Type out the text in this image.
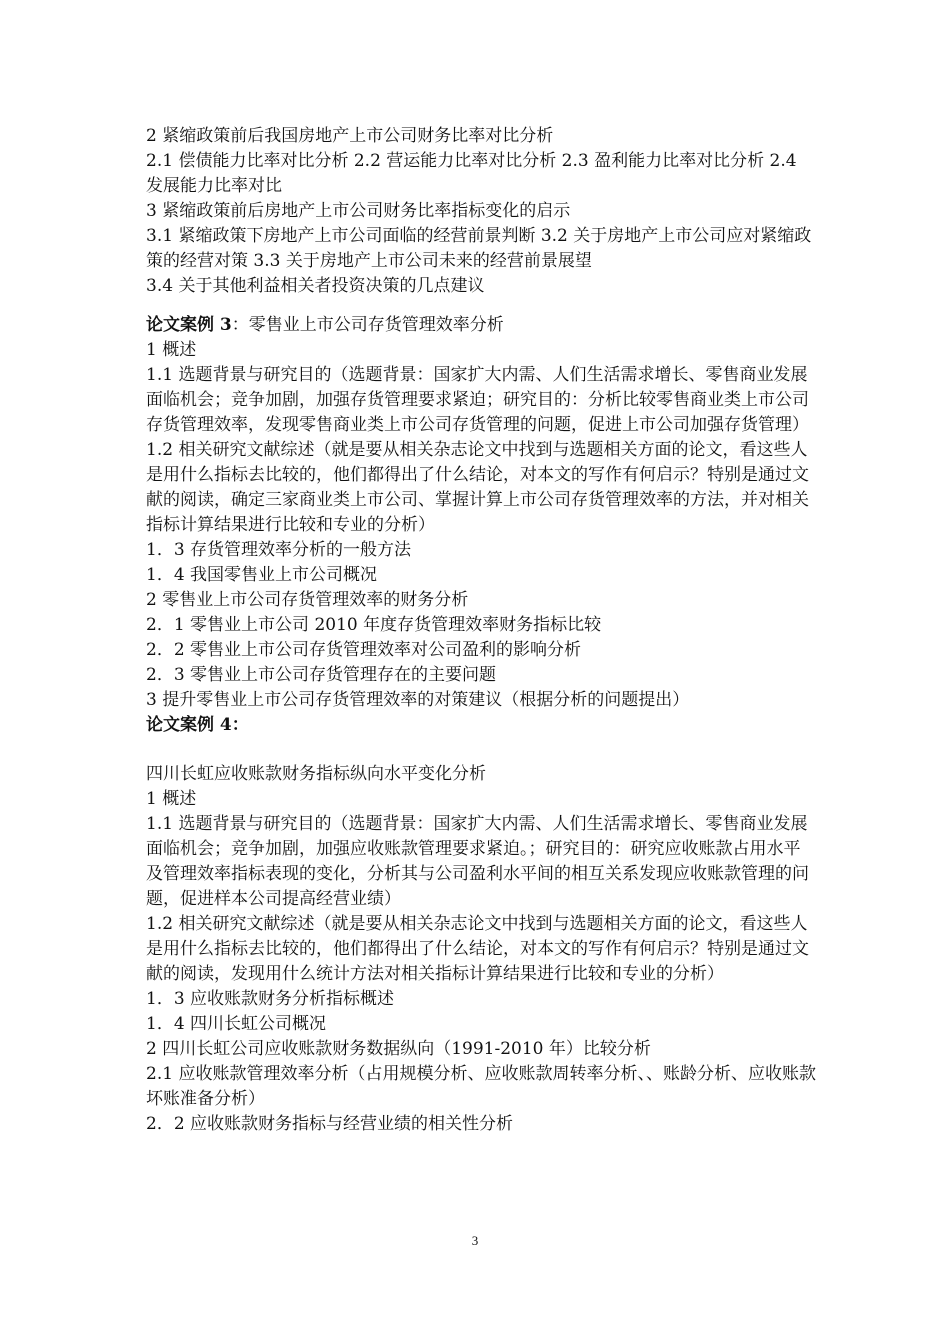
2 紧缩政策前后我国房地产上市公司财务比率对比分析

2.1 偿债能力比率对比分析 2.2 营运能力比率对比分析 2.3 盈利能力比率对比分析 2.4 发展能力比率对比

3 紧缩政策前后房地产上市公司财务比率指标变化的启示

3.1 紧缩政策下房地产上市公司面临的经营前景判断 3.2 关于房地产上市公司应对紧缩政策的经营对策 3.3 关于房地产上市公司未来的经营前景展望

3.4 关于其他利益相关者投资决策的几点建议

论文案例 3：零售业上市公司存货管理效率分析

1 概述

1.1 选题背景与研究目的（选题背景：国家扩大内需、人们生活需求增长、零售商业发展面临机会；竞争加剧，加强存货管理要求紧迫；研究目的：分析比较零售商业类上市公司存货管理效率，发现零售商业类上市公司存货管理的问题，促进上市公司加强存货管理）

1.2 相关研究文献综述（就是要从相关杂志论文中找到与选题相关方面的论文，看这些人是用什么指标去比较的，他们都得出了什么结论，对本文的写作有何启示？特别是通过文献的阅读，确定三家商业类上市公司、掌握计算上市公司存货管理效率的方法，并对相关指标计算结果进行比较和专业的分析）

1．3 存货管理效率分析的一般方法

1．4 我国零售业上市公司概况

2 零售业上市公司存货管理效率的财务分析

2．1 零售业上市公司 2010 年度存货管理效率财务指标比较

2．2 零售业上市公司存货管理效率对公司盈利的影响分析

2．3 零售业上市公司存货管理存在的主要问题

3 提升零售业上市公司存货管理效率的对策建议（根据分析的问题提出）

论文案例 4：

四川长虹应收账款财务指标纵向水平变化分析

1 概述

1.1 选题背景与研究目的（选题背景：国家扩大内需、人们生活需求增长、零售商业发展面临机会；竞争加剧，加强应收账款管理要求紧迫。；研究目的：研究应收账款占用水平及管理效率指标表现的变化，分析其与公司盈利水平间的相互关系发现应收账款管理的问题，促进样本公司提高经营业绩）

1.2 相关研究文献综述（就是要从相关杂志论文中找到与选题相关方面的论文，看这些人是用什么指标去比较的，他们都得出了什么结论，对本文的写作有何启示？特别是通过文献的阅读，发现用什么统计方法对相关指标计算结果进行比较和专业的分析）

1．3 应收账款财务分析指标概述

1．4 四川长虹公司概况

2 四川长虹公司应收账款财务数据纵向（1991-2010 年）比较分析

2.1 应收账款管理效率分析（占用规模分析、应收账款周转率分析、、账龄分析、应收账款坏账准备分析）

2．2 应收账款财务指标与经营业绩的相关性分析

3
